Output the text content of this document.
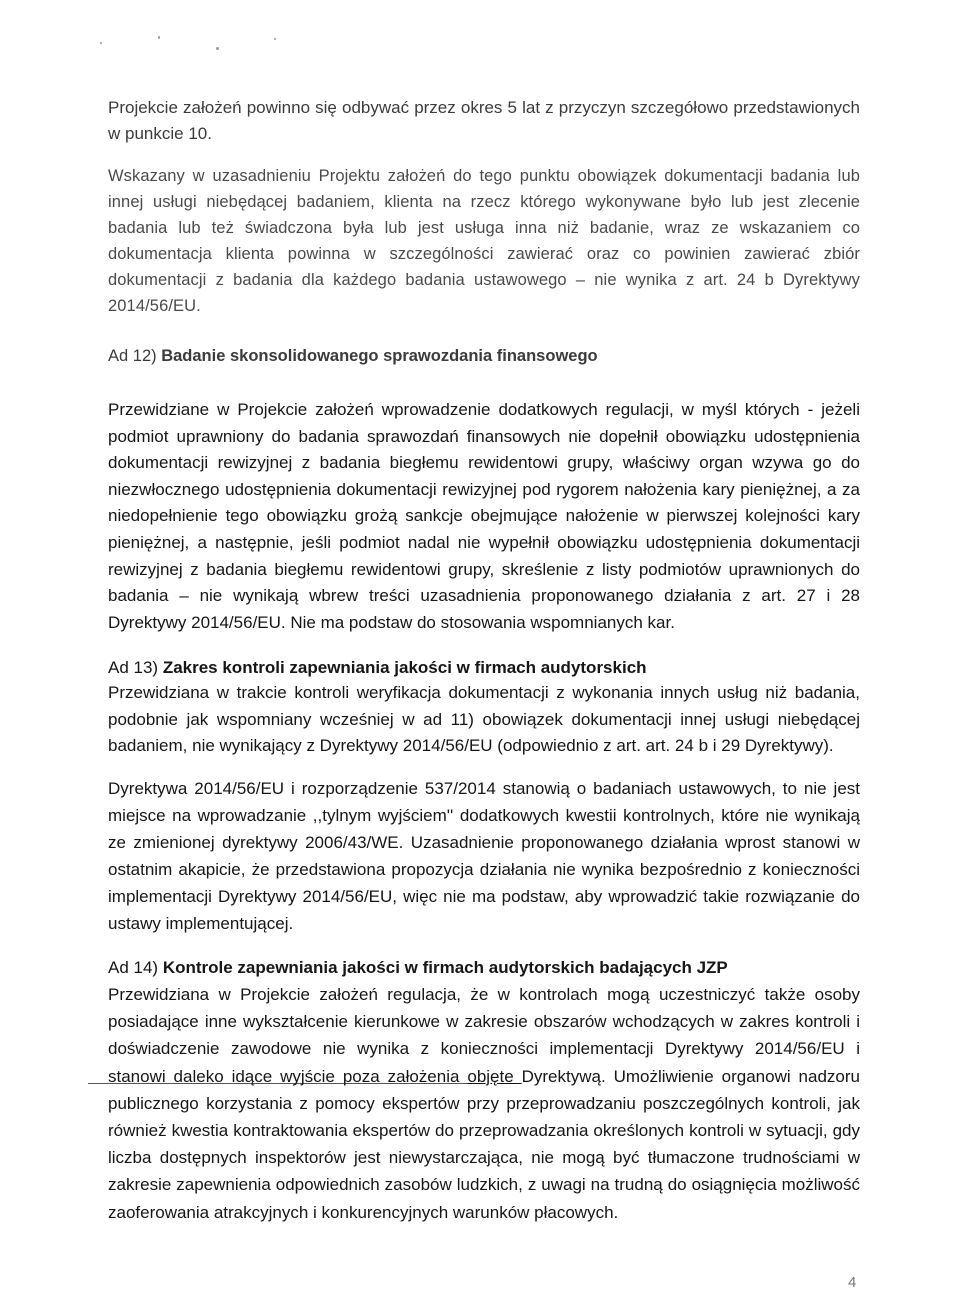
Projekcie założeń powinno się odbywać przez okres 5 lat z przyczyn szczegółowo przedstawionych w punkcie 10.

Wskazany w uzasadnieniu Projektu założeń do tego punktu obowiązek dokumentacji badania lub innej usługi niebędącej badaniem, klienta na rzecz którego wykonywane było lub jest zlecenie badania lub też świadczona była lub jest usługa inna niż badanie, wraz ze wskazaniem co dokumentacja klienta powinna w szczególności zawierać oraz co powinien zawierać zbiór dokumentacji z badania dla każdego badania ustawowego – nie wynika z art. 24 b Dyrektywy 2014/56/EU.

Ad 12) Badanie skonsolidowanego sprawozdania finansowego

Przewidziane w Projekcie założeń wprowadzenie dodatkowych regulacji, w myśl których - jeżeli podmiot uprawniony do badania sprawozdań finansowych nie dopełnił obowiązku udostępnienia dokumentacji rewizyjnej z badania biegłemu rewidentowi grupy, właściwy organ wzywa go do niezwłocznego udostępnienia dokumentacji rewizyjnej pod rygorem nałożenia kary pieniężnej, a za niedopełnienie tego obowiązku grożą sankcje obejmujące nałożenie w pierwszej kolejności kary pieniężnej, a następnie, jeśli podmiot nadal nie wypełnił obowiązku udostępnienia dokumentacji rewizyjnej z badania biegłemu rewidentowi grupy, skreślenie z listy podmiotów uprawnionych do badania – nie wynikają wbrew treści uzasadnienia proponowanego działania z art. 27 i 28 Dyrektywy 2014/56/EU. Nie ma podstaw do stosowania wspomnianych kar.

Ad 13) Zakres kontroli zapewniania jakości w firmach audytorskich

Przewidziana w trakcie kontroli weryfikacja dokumentacji z wykonania innych usług niż badania, podobnie jak wspomniany wcześniej w ad 11) obowiązek dokumentacji innej usługi niebędącej badaniem, nie wynikający z Dyrektywy 2014/56/EU (odpowiednio z art. art. 24 b i 29 Dyrektywy).

Dyrektywa 2014/56/EU i rozporządzenie 537/2014 stanowią o badaniach ustawowych, to nie jest miejsce na wprowadzanie ,,tylnym wyjściem'' dodatkowych kwestii kontrolnych, które nie wynikają ze zmienionej dyrektywy 2006/43/WE. Uzasadnienie proponowanego działania wprost stanowi w ostatnim akapicie, że przedstawiona propozycja działania nie wynika bezpośrednio z konieczności implementacji Dyrektywy 2014/56/EU, więc nie ma podstaw, aby wprowadzić takie rozwiązanie do ustawy implementującej.

Ad 14) Kontrole zapewniania jakości w firmach audytorskich badających JZP

Przewidziana w Projekcie założeń regulacja, że w kontrolach mogą uczestniczyć także osoby posiadające inne wykształcenie kierunkowe w zakresie obszarów wchodzących w zakres kontroli i doświadczenie zawodowe nie wynika z konieczności implementacji Dyrektywy 2014/56/EU i stanowi daleko idące wyjście poza założenia objęte Dyrektywą. Umożliwienie organowi nadzoru publicznego korzystania z pomocy ekspertów przy przeprowadzaniu poszczególnych kontroli, jak również kwestia kontraktowania ekspertów do przeprowadzania określonych kontroli w sytuacji, gdy liczba dostępnych inspektorów jest niewystarczająca, nie mogą być tłumaczone trudnościami w zakresie zapewnienia odpowiednich zasobów ludzkich, z uwagi na trudną do osiągnięcia możliwość zaoferowania atrakcyjnych i konkurencyjnych warunków płacowych.

4
